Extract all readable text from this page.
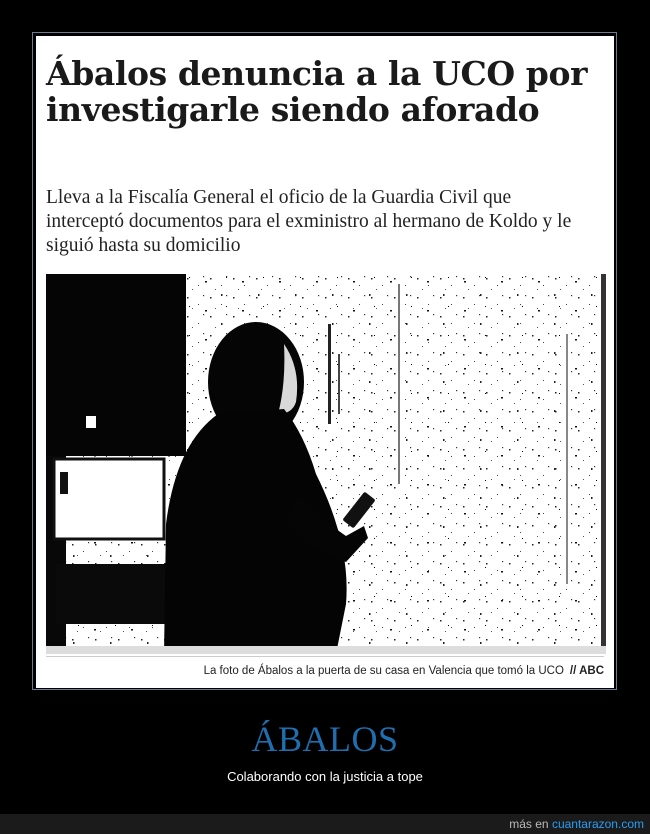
Ábalos denuncia a la UCO por investigarle siendo aforado

Lleva a la Fiscalía General el oficio de la Guardia Civil que interceptó documentos para el exministro al hermano de Koldo y le siguió hasta su domicilio

La foto de Ábalos a la puerta de su casa en Valencia que tomó la UCO // ABC
ÁBALOS

Colaborando con la justicia a tope

más en cuantarazon.com
